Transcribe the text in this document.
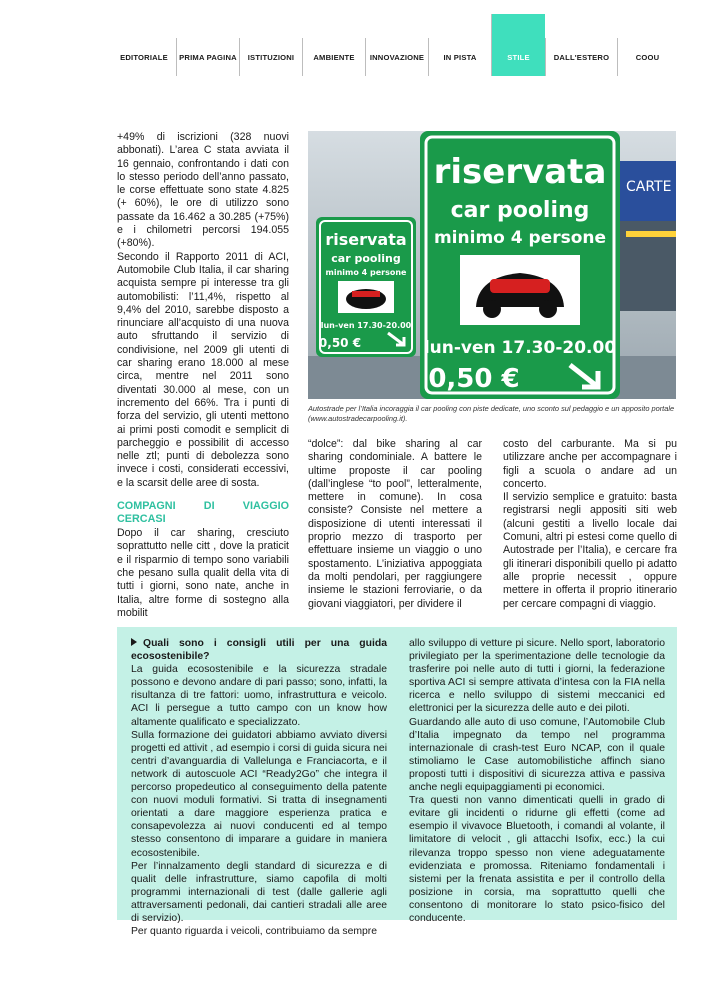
EDITORIALE	PRIMA PAGINA	ISTITUZIONI	AMBIENTE	INNOVAZIONE	IN PISTA	STILE	DALL'ESTERO	COOU

+49% di iscrizioni (328 nuovi abbonati). L’area C stata avviata il 16 gennaio, confrontando i dati con lo stesso periodo dell’anno passato, le corse effettuate sono state 4.825 (+ 60%), le ore di utilizzo sono passate da 16.462 a 30.285 (+75%) e i chilometri percorsi 194.055 (+80%).

Secondo il Rapporto 2011 di ACI, Automobile Club Italia, il car sharing acquista sempre pi interesse tra gli automobilisti: l’11,4%, rispetto al 9,4% del 2010, sarebbe disposto a rinunciare all’acquisto di una nuova auto sfruttando il servizio di condivisione, nel 2009 gli utenti di car sharing erano 18.000 al mese circa, mentre nel 2011 sono diventati 30.000 al mese, con un incremento del 66%. Tra i punti di forza del servizio, gli utenti mettono ai primi posti comodit e semplicit di parcheggio e possibilit di accesso nelle ztl; punti di debolezza sono invece i costi, considerati eccessivi, e la scarsit delle aree di sosta.

COMPAGNI DI VIAGGIO CERCASI

Dopo il car sharing, cresciuto soprattutto nelle citt , dove la praticit e il risparmio di tempo sono variabili che pesano sulla qualit della vita di tutti i giorni, sono nate, anche in Italia, altre forme di sostegno alla mobilit

CARTE
riservata
car pooling
minimo 4 persone
lun-ven 17.30-20.00
0,50 €
riservata
car pooling
minimo 4 persone
lun-ven 17.30-20.00
0,50 €
Autostrade per l’Italia incoraggia il car pooling con piste dedicate, uno sconto sul pedaggio e un apposito portale (www.autostradecarpooling.it).

“dolce”: dal bike sharing al car sharing condominiale. A battere le ultime proposte il car pooling (dall’inglese “to pool”, letteralmente, mettere in comune). In cosa consiste? Consiste nel mettere a disposizione di utenti interessati il proprio mezzo di trasporto per effettuare insieme un viaggio o uno spostamento. L’iniziativa appoggiata da molti pendolari, per raggiungere insieme le stazioni ferroviarie, o da giovani viaggiatori, per dividere il

costo del carburante. Ma si pu utilizzare anche per accompagnare i figli a scuola o andare ad un concerto.

Il servizio semplice e gratuito: basta registrarsi negli appositi siti web (alcuni gestiti a livello locale dai Comuni, altri pi estesi come quello di Autostrade per l’Italia), e cercare fra gli itinerari disponibili quello pi adatto alle proprie necessit , oppure mettere in offerta il proprio itinerario per cercare compagni di viaggio.

Quali sono i consigli utili per una guida ecosostenibile?

La guida ecosostenibile e la sicurezza stradale possono e devono andare di pari passo; sono, infatti, la risultanza di tre fattori: uomo, infrastruttura e veicolo. ACI li persegue a tutto campo con un know how altamente qualificato e specializzato.

Sulla formazione dei guidatori abbiamo avviato diversi progetti ed attivit , ad esempio i corsi di guida sicura nei centri d’avanguardia di Vallelunga e Franciacorta, e il network di autoscuole ACI “Ready2Go” che integra il percorso propedeutico al conseguimento della patente con nuovi moduli formativi. Si tratta di insegnamenti orientati a dare maggiore esperienza pratica e consapevolezza ai nuovi conducenti ed al tempo stesso consentono di imparare a guidare in maniera ecosostenibile.

Per l’innalzamento degli standard di sicurezza e di qualit delle infrastrutture, siamo capofila di molti programmi internazionali di test (dalle gallerie agli attraversamenti pedonali, dai cantieri stradali alle aree di servizio).

Per quanto riguarda i veicoli, contribuiamo da sempre

allo sviluppo di vetture pi sicure. Nello sport, laboratorio privilegiato per la sperimentazione delle tecnologie da trasferire poi nelle auto di tutti i giorni, la federazione sportiva ACI si sempre attivata d’intesa con la FIA nella ricerca e nello sviluppo di sistemi meccanici ed elettronici per la sicurezza delle auto e dei piloti.

Guardando alle auto di uso comune, l’Automobile Club d’Italia impegnato da tempo nel programma internazionale di crash-test Euro NCAP, con il quale stimoliamo le Case automobilistiche affinch siano proposti tutti i dispositivi di sicurezza attiva e passiva anche negli equipaggiamenti pi economici.

Tra questi non vanno dimenticati quelli in grado di evitare gli incidenti o ridurne gli effetti (come ad esempio il vivavoce Bluetooth, i comandi al volante, il limitatore di velocit , gli attacchi Isofix, ecc.) la cui rilevanza troppo spesso non viene adeguatamente evidenziata e promossa. Riteniamo fondamentali i sistemi per la frenata assistita e per il controllo della posizione in corsia, ma soprattutto quelli che consentono di monitorare lo stato psico-fisico del conducente.
